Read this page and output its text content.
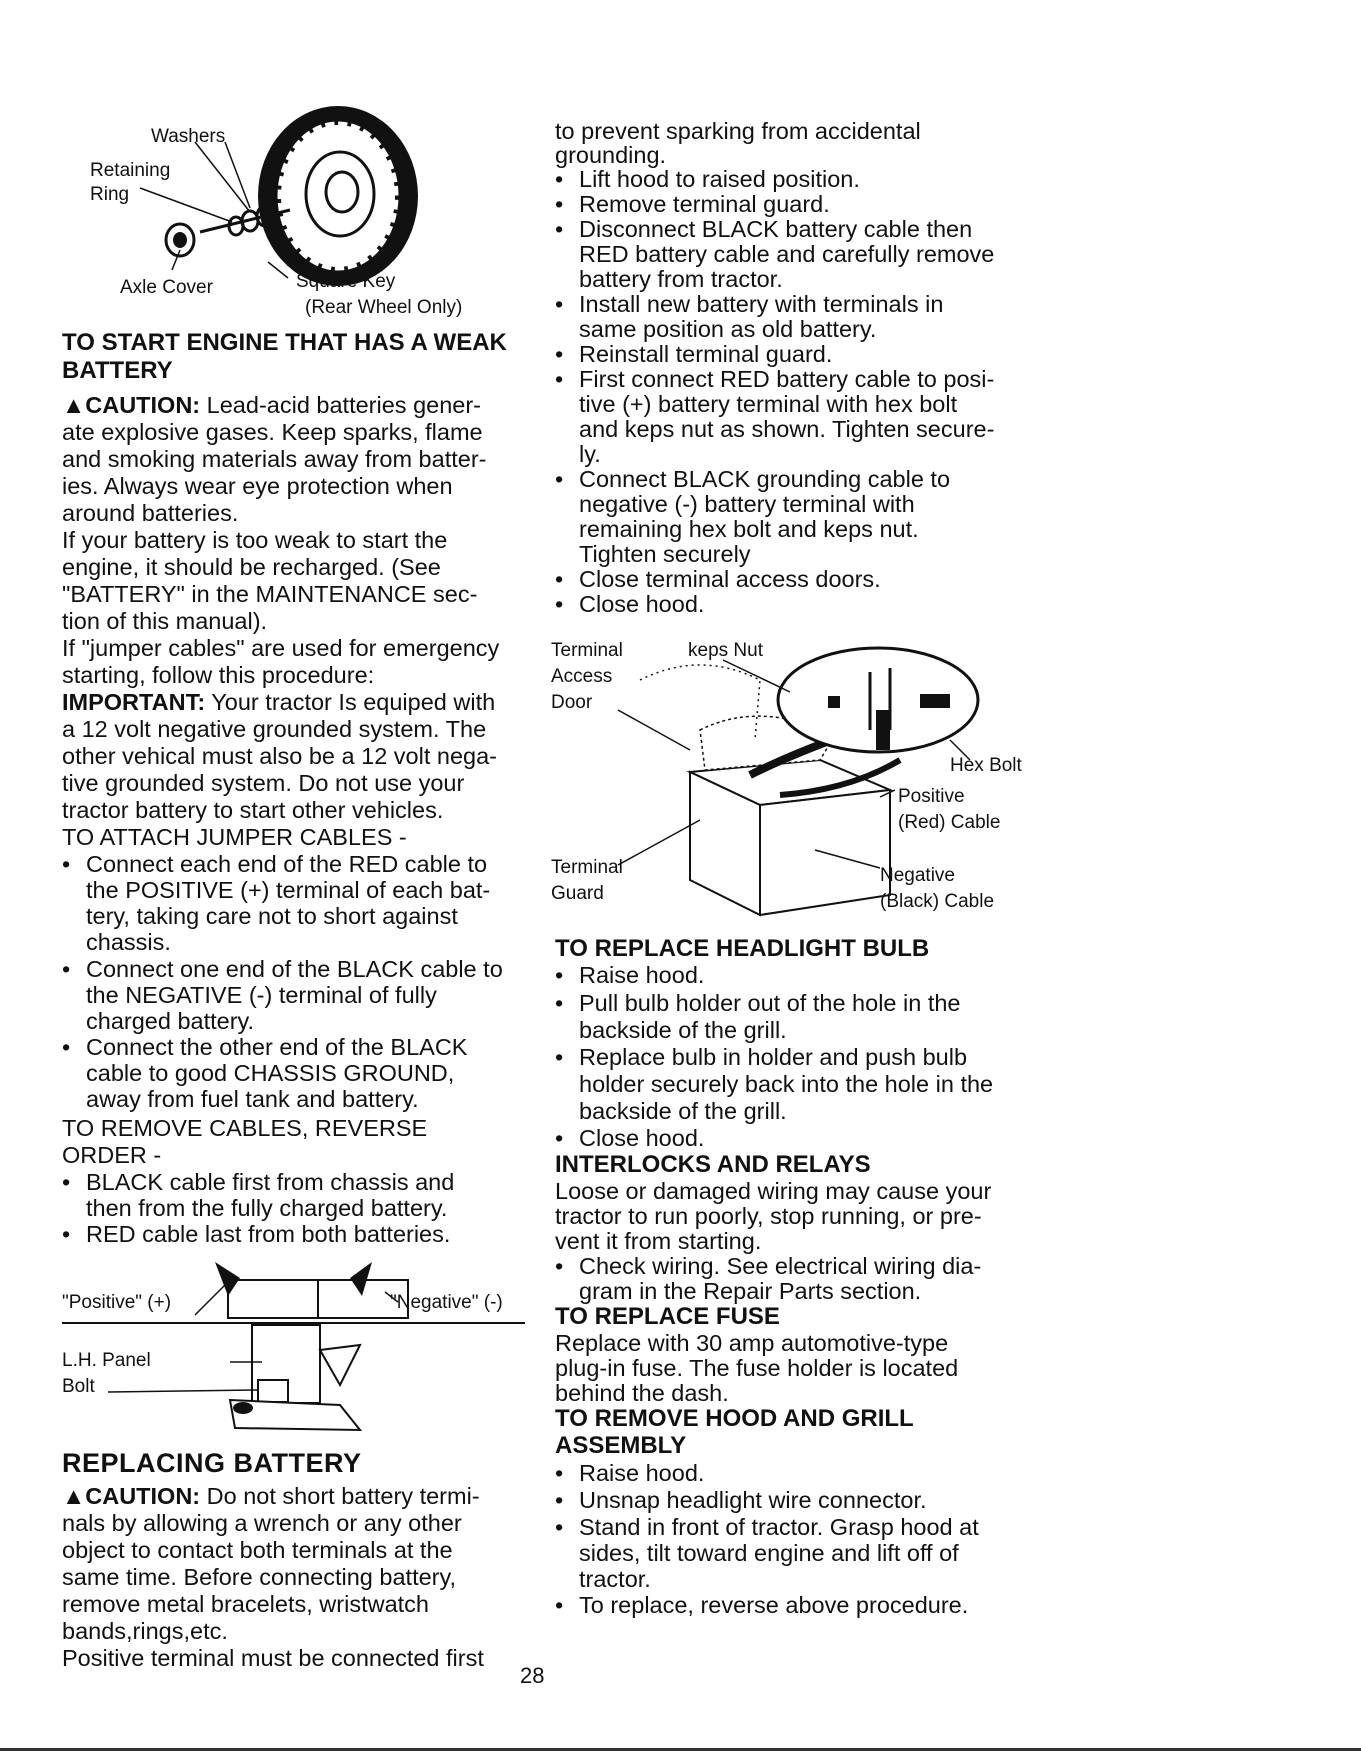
Washers
Retaining
Ring
Axle Cover	Square Key
(Rear Wheel Only)
TO START ENGINE THAT HAS A WEAK
BATTERY
▲CAUTION: Lead-acid batteries gener-
ate explosive gases. Keep sparks, flame
and smoking materials away from batter-
ies. Always wear eye protection when
around batteries.
If your battery is too weak to start the
engine, it should be recharged. (See
"BATTERY" in the MAINTENANCE sec-
tion of this manual).
If "jumper cables" are used for emergency
starting, follow this procedure:
IMPORTANT: Your tractor Is equiped with
a 12 volt negative grounded system. The
other vehical must also be a 12 volt nega-
tive grounded system. Do not use your
tractor battery to start other vehicles.
TO ATTACH JUMPER CABLES -
• Connect each end of the RED cable to
the POSITIVE (+) terminal of each bat-
tery, taking care not to short against
chassis.
• Connect one end of the BLACK cable to
the NEGATIVE (-) terminal of fully
charged battery.
• Connect the other end of the BLACK
cable to good CHASSIS GROUND,
away from fuel tank and battery.
TO REMOVE CABLES, REVERSE
ORDER -
• BLACK cable first from chassis and
then from the fully charged battery.
• RED cable last from both batteries.
"Positive" (+)	"Negative" (-)
L.H. Panel
Bolt
REPLACING BATTERY
▲CAUTION: Do not short battery termi-
nals by allowing a wrench or any other
object to contact both terminals at the
same time. Before connecting battery,
remove metal bracelets, wristwatch
bands,rings,etc.
Positive terminal must be connected first
to prevent sparking from accidental
grounding.
• Lift hood to raised position.
• Remove terminal guard.
• Disconnect BLACK battery cable then
RED battery cable and carefully remove
battery from tractor.
• Install new battery with terminals in
same position as old battery.
• Reinstall terminal guard.
• First connect RED battery cable to posi-
tive (+) battery terminal with hex bolt
and keps nut as shown. Tighten secure-
ly.
• Connect BLACK grounding cable to
negative (-) battery terminal with
remaining hex bolt and keps nut.
Tighten securely
• Close terminal access doors.
• Close hood.
Terminal
Access
Door
keps Nut
Hex Bolt
Positive
(Red) Cable
Terminal
Guard
Negative
(Black) Cable
TO REPLACE HEADLIGHT BULB
• Raise hood.
• Pull bulb holder out of the hole in the
backside of the grill.
• Replace bulb in holder and push bulb
holder securely back into the hole in the
backside of the grill.
• Close hood.
INTERLOCKS AND RELAYS
Loose or damaged wiring may cause your
tractor to run poorly, stop running, or pre-
vent it from starting.
• Check wiring. See electrical wiring dia-
gram in the Repair Parts section.
TO REPLACE FUSE
Replace with 30 amp automotive-type
plug-in fuse. The fuse holder is located
behind the dash.
TO REMOVE HOOD AND GRILL
ASSEMBLY
• Raise hood.
• Unsnap headlight wire connector.
• Stand in front of tractor. Grasp hood at
sides, tilt toward engine and lift off of
tractor.
• To replace, reverse above procedure.
28
